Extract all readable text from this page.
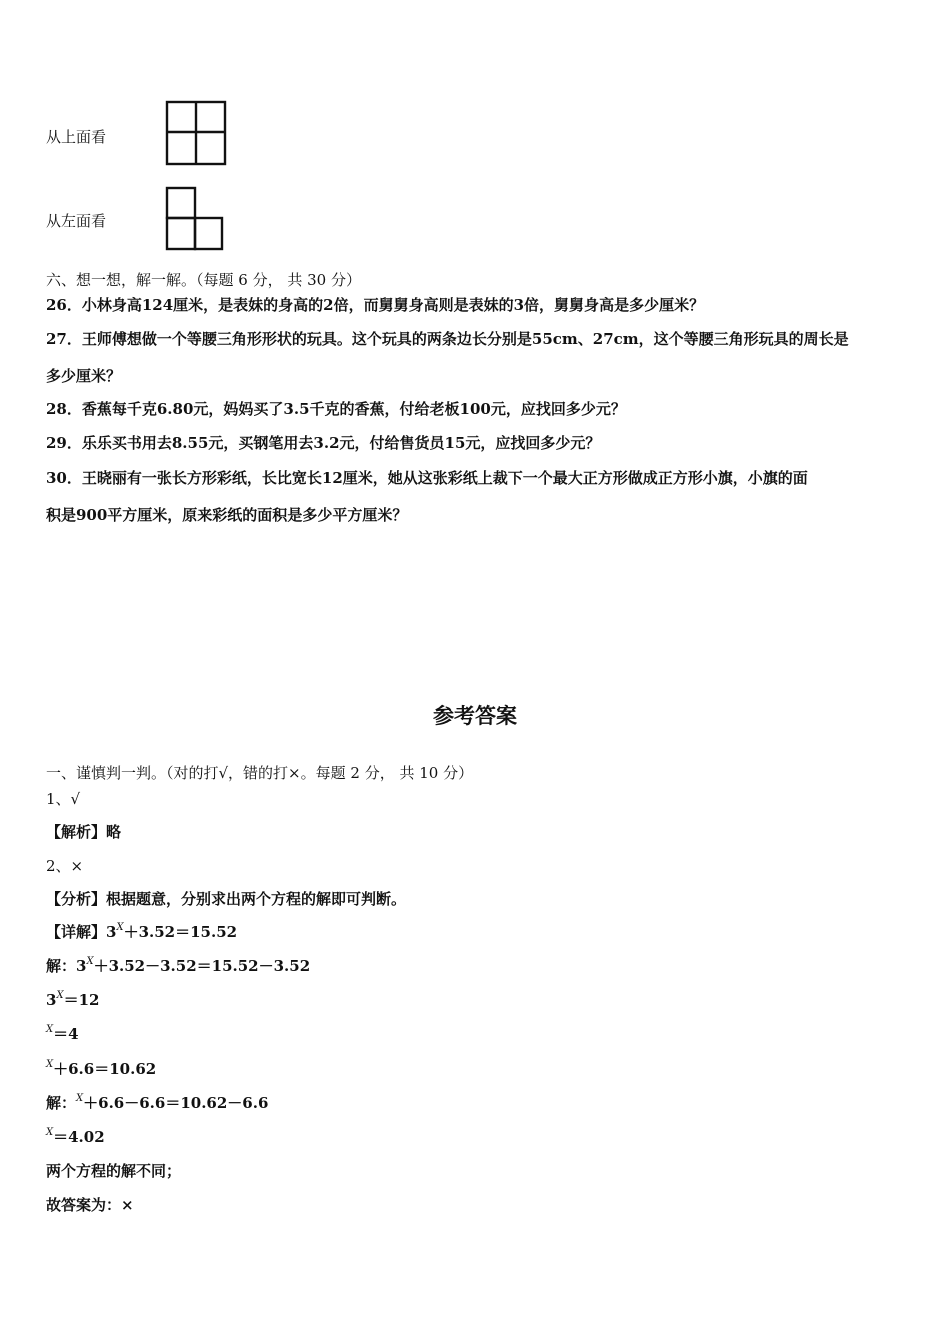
从上面看
从左面看
六、想一想，解一解。（每题 6 分， 共 30 分）
26．小林身高124厘米，是表妹的身高的2倍，而舅舅身高则是表妹的3倍，舅舅身高是多少厘米？
27．王师傅想做一个等腰三角形形状的玩具。这个玩具的两条边长分别是55cm、27cm，这个等腰三角形玩具的周长是
多少厘米？
28．香蕉每千克6.80元，妈妈买了3.5千克的香蕉，付给老板100元，应找回多少元？
29．乐乐买书用去8.55元，买钢笔用去3.2元，付给售货员15元，应找回多少元？
30．王晓丽有一张长方形彩纸，长比宽长12厘米，她从这张彩纸上裁下一个最大正方形做成正方形小旗，小旗的面
积是900平方厘米，原来彩纸的面积是多少平方厘米？
参考答案
一、谨慎判一判。（对的打√，错的打×。每题 2 分， 共 10 分）
1、√
【解析】略
2、×
【分析】根据题意，分别求出两个方程的解即可判断。
【详解】$3^X+3.52=15.52$
解：$3^X+3.52-3.52=15.52-3.52$
$3^X=12$
$^X$＝4
$^X$＋6.6＝10.62
解：$^X$＋6.6－6.6＝10.62－6.6
$^X$＝4.02
两个方程的解不同；
故答案为：×
